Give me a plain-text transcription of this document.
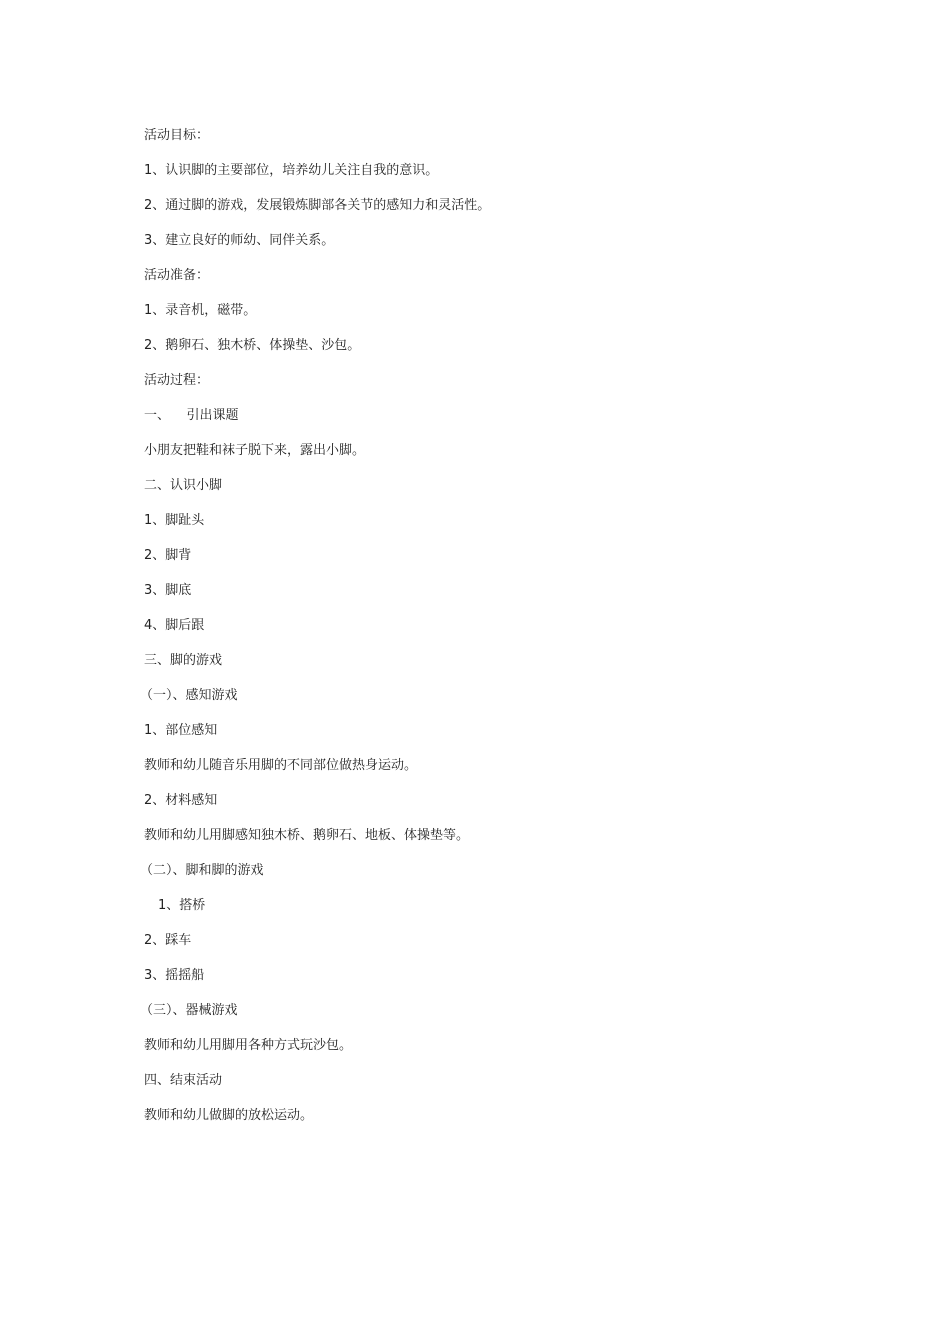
活动目标：
1、认识脚的主要部位，培养幼儿关注自我的意识。
2、通过脚的游戏，发展锻炼脚部各关节的感知力和灵活性。
3、建立良好的师幼、同伴关系。
活动准备：
1、录音机，磁带。
2、鹅卵石、独木桥、体操垫、沙包。
活动过程：
一、    引出课题
小朋友把鞋和袜子脱下来，露出小脚。
二、认识小脚
1、脚趾头
2、脚背
3、脚底
4、脚后跟
三、脚的游戏
（一）、感知游戏
1、部位感知
教师和幼儿随音乐用脚的不同部位做热身运动。
2、材料感知
教师和幼儿用脚感知独木桥、鹅卵石、地板、体操垫等。
（二）、脚和脚的游戏
1、搭桥
2、踩车
3、摇摇船
（三）、器械游戏
教师和幼儿用脚用各种方式玩沙包。
四、结束活动
教师和幼儿做脚的放松运动。
